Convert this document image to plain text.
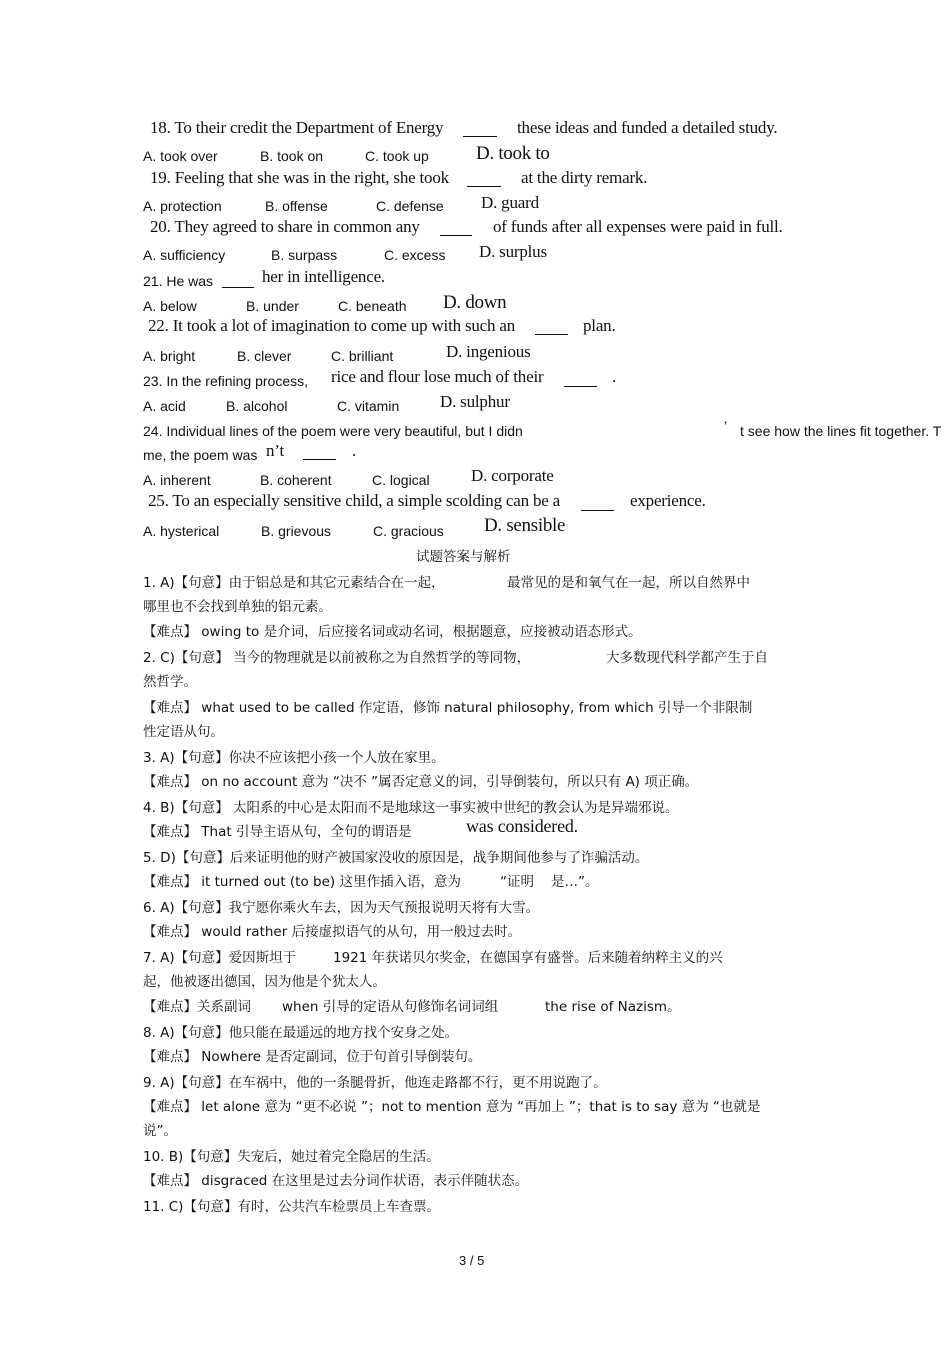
18. To their credit the Department of Energy	these ideas and funded a detailed study.
A. took over	B. took on	C. took up D. took to
19. Feeling that she was in the right, she took	at the dirty remark.
A. protection	B. offense	C. defense D. guard
20. They agreed to share in common any	of funds after all expenses were paid in full.
A. sufficiency	B. surpass	C. excess D. surplus
21. He was	her in intelligence.
A. below	B. under	C. beneath D. down
22. It took a lot of imagination to come up with such an	plan.
A. bright	B. clever	C. brilliant	D. ingenious
23. In the refining process, rice and flour lose much of their	.
A. acid	B. alcohol	C. vitamin D. sulphur
24. Individual lines of the poem were very beautiful, but I didn	’ t see how the lines fit together. T
me, the poem was n’t	.
A. inherent	B. coherent	C. logical D. corporate
25. To an especially sensitive child, a simple scolding can be a	experience.
A. hysterical	B. grievous	C. gracious D. sensible
试题答案与解析
1. A)【句意】由于铝总是和其它元素结合在一起，	最常见的是和氧气在一起，所以自然界中
哪里也不会找到单独的铝元素。
【难点】 owing to 是介词，后应接名词或动名词，根据题意，应接被动语态形式。
2. C)【句意】 当今的物理就是以前被称之为自然哲学的等同物，	大多数现代科学都产生于自
然哲学。
【难点】 what used to be called 作定语，修饰 natural philosophy, from which 引导一个非限制
性定语从句。
3. A)【句意】你决不应该把小孩一个人放在家里。
【难点】 on no account 意为 “决不 ”属否定意义的词，引导倒装句，所以只有 A) 项正确。
4. B)【句意】 太阳系的中心是太阳而不是地球这一事实被中世纪的教会认为是异端邪说。
【难点】 That 引导主语从句，全句的谓语是	was considered.
5. D)【句意】后来证明他的财产被国家没收的原因是，战争期间他参与了诈骗活动。
【难点】 it turned out (to be) 这里作插入语，意为	“证明 是…”。
6. A)【句意】我宁愿你乘火车去，因为天气预报说明天将有大雪。
【难点】 would rather 后接虚拟语气的从句，用一般过去时。
7. A)【句意】爱因斯坦于	1921 年获诺贝尔奖金，在德国享有盛誉。后来随着纳粹主义的兴
起，他被逐出德国，因为他是个犹太人。
【难点】关系副词 when 引导的定语从句修饰名词词组	the rise of Nazism。
8. A)【句意】他只能在最遥远的地方找个安身之处。
【难点】 Nowhere 是否定副词，位于句首引导倒装句。
9. A)【句意】在车祸中，他的一条腿骨折，他连走路都不行，更不用说跑了。
【难点】 let alone 意为 “更不必说 ”；not to mention 意为 “再加上 ”；that is to say 意为 “也就是
说”。
10. B)【句意】失宠后，她过着完全隐居的生活。
【难点】 disgraced 在这里是过去分词作状语，表示伴随状态。
11. C)【句意】有时，公共汽车检票员上车查票。
3 / 5
